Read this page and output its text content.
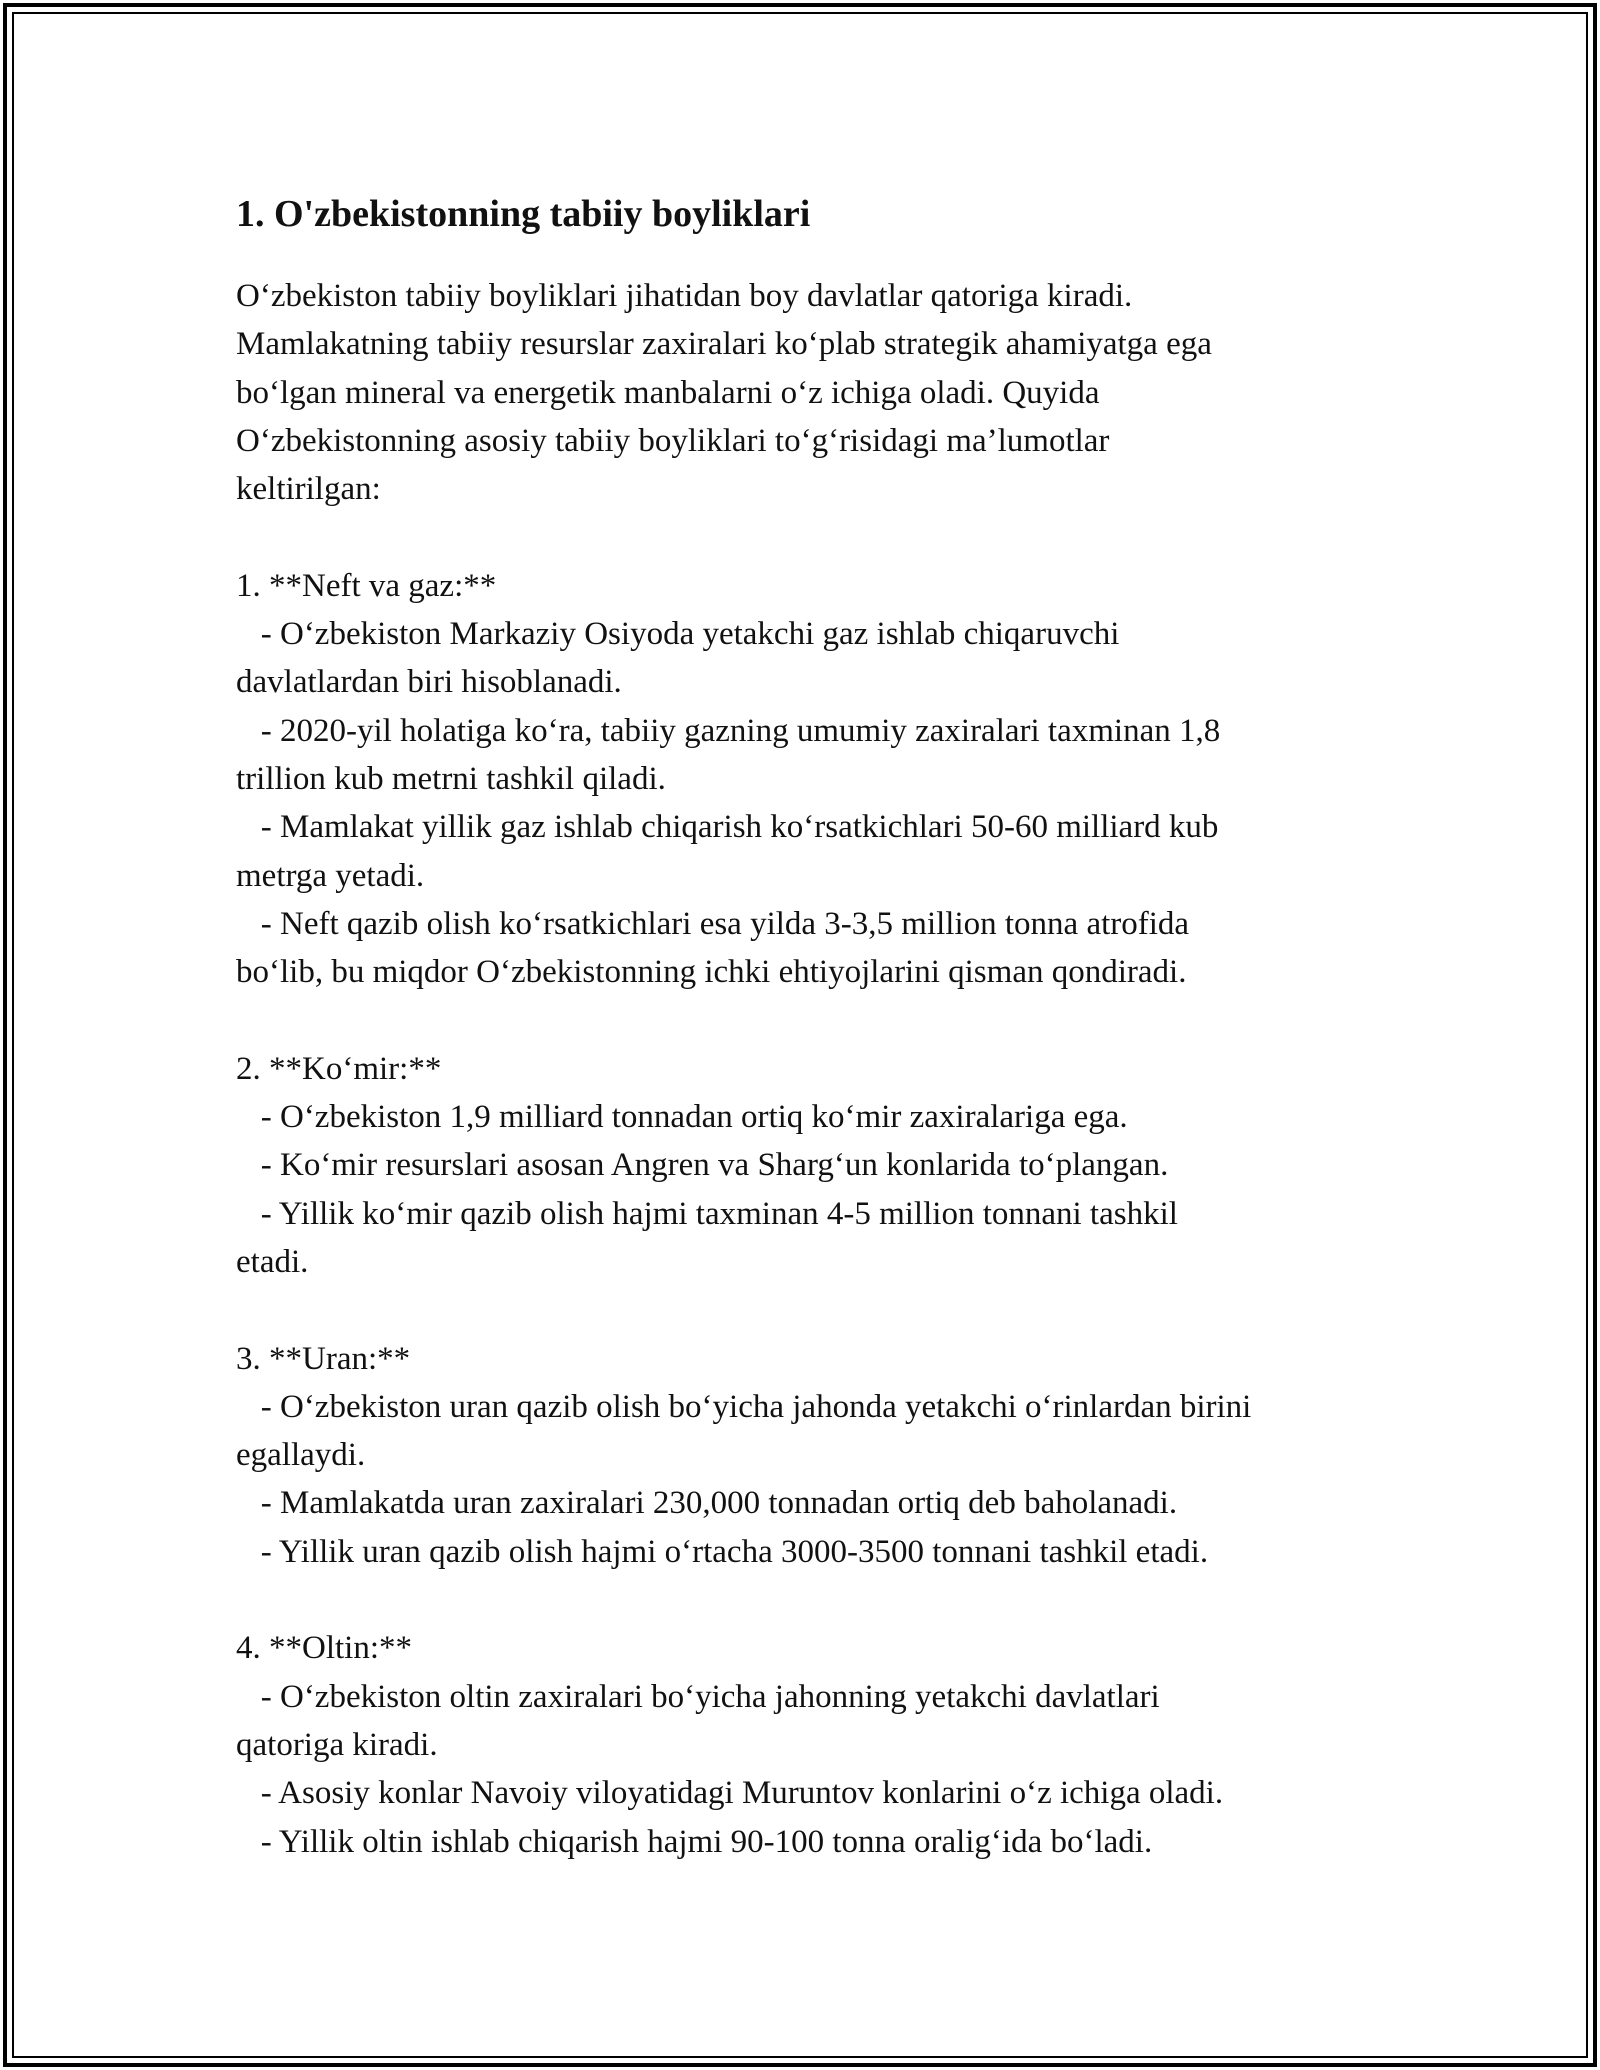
1. O'zbekistonning tabiiy boyliklari
O‘zbekiston tabiiy boyliklari jihatidan boy davlatlar qatoriga kiradi.
Mamlakatning tabiiy resurslar zaxiralari ko‘plab strategik ahamiyatga ega
bo‘lgan mineral va energetik manbalarni o‘z ichiga oladi. Quyida
O‘zbekistonning asosiy tabiiy boyliklari to‘g‘risidagi ma’lumotlar
keltirilgan:
1. **Neft va gaz:**
- O‘zbekiston Markaziy Osiyoda yetakchi gaz ishlab chiqaruvchi
davlatlardan biri hisoblanadi.
- 2020-yil holatiga ko‘ra, tabiiy gazning umumiy zaxiralari taxminan 1,8
trillion kub metrni tashkil qiladi.
- Mamlakat yillik gaz ishlab chiqarish ko‘rsatkichlari 50-60 milliard kub
metrga yetadi.
- Neft qazib olish ko‘rsatkichlari esa yilda 3-3,5 million tonna atrofida
bo‘lib, bu miqdor O‘zbekistonning ichki ehtiyojlarini qisman qondiradi.
2. **Ko‘mir:**
- O‘zbekiston 1,9 milliard tonnadan ortiq ko‘mir zaxiralariga ega.
- Ko‘mir resurslari asosan Angren va Sharg‘un konlarida to‘plangan.
- Yillik ko‘mir qazib olish hajmi taxminan 4-5 million tonnani tashkil
etadi.
3. **Uran:**
- O‘zbekiston uran qazib olish bo‘yicha jahonda yetakchi o‘rinlardan birini
egallaydi.
- Mamlakatda uran zaxiralari 230,000 tonnadan ortiq deb baholanadi.
- Yillik uran qazib olish hajmi o‘rtacha 3000-3500 tonnani tashkil etadi.
4. **Oltin:**
- O‘zbekiston oltin zaxiralari bo‘yicha jahonning yetakchi davlatlari
qatoriga kiradi.
- Asosiy konlar Navoiy viloyatidagi Muruntov konlarini o‘z ichiga oladi.
- Yillik oltin ishlab chiqarish hajmi 90-100 tonna oralig‘ida bo‘ladi.
